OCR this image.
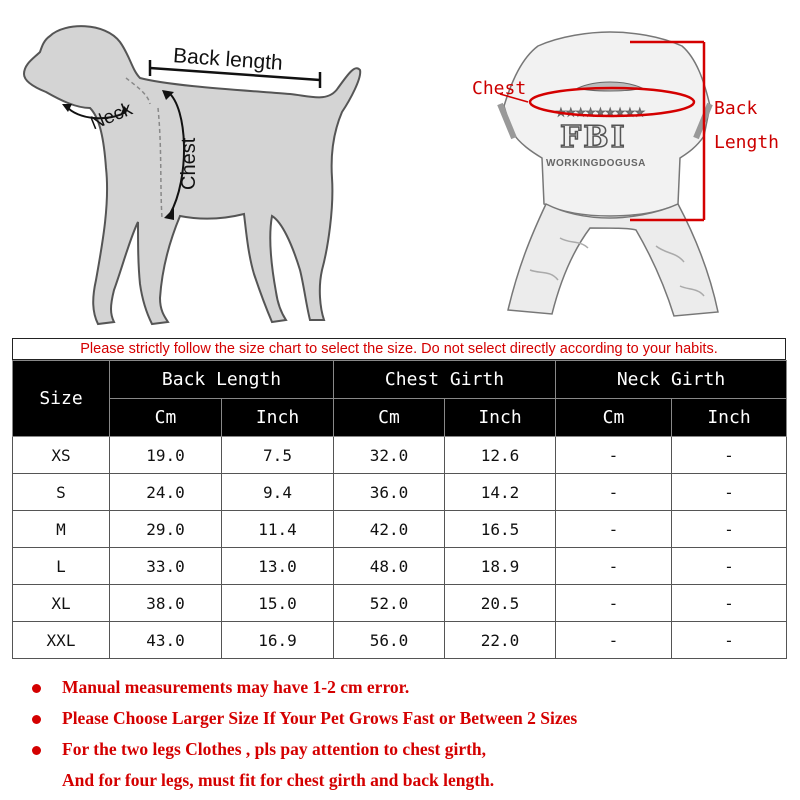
Back length
Neck
Chest
★★★★★★★★★
FBI
WORKINGDOGUSA
Chest
Back
Length
Please strictly follow the size chart to select the size. Do not select directly according to your habits.
Size	Back Length		Chest Girth		Neck Girth	
	Cm	Inch	Cm	Inch	Cm	Inch
XS	19.0	7.5	32.0	12.6	-	-
S	24.0	9.4	36.0	14.2	-	-
M	29.0	11.4	42.0	16.5	-	-
L	33.0	13.0	48.0	18.9	-	-
XL	38.0	15.0	52.0	20.5	-	-
XXL	43.0	16.9	56.0	22.0	-	-
Manual measurements may have 1-2 cm error.
Please Choose Larger Size If Your Pet Grows Fast or Between 2 Sizes
For the two legs Clothes , pls pay attention to chest girth,
And for four legs, must fit for chest girth and back length.
